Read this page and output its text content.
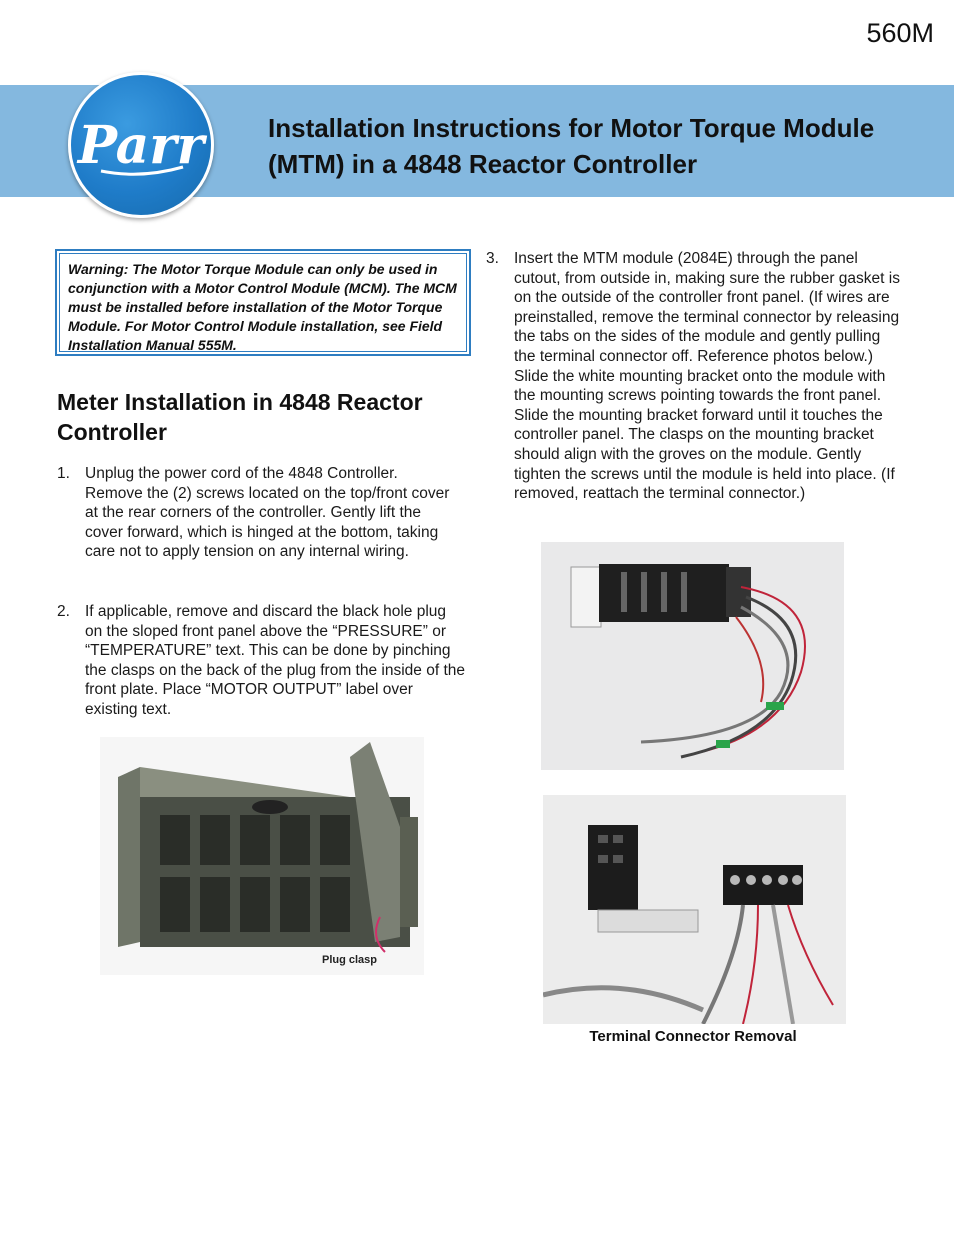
560M
Parr Installation Instructions for Motor Torque Module (MTM) in a 4848 Reactor Controller
Warning: The Motor Torque Module can only be used in conjunction with a Motor Control Module (MCM). The MCM must be installed before installation of the Motor Torque Module. For Motor Control Module installation, see Field Installation Manual 555M.
Meter Installation in 4848 Reactor Controller
1. Unplug the power cord of the 4848 Controller. Remove the (2) screws located on the top/front cover at the rear corners of the controller. Gently lift the cover forward, which is hinged at the bottom, taking care not to apply tension on any internal wiring.
2. If applicable, remove and discard the black hole plug on the sloped front panel above the “PRESSURE” or “TEMPERATURE” text. This can be done by pinching the clasps on the back of the plug from the inside of the front plate. Place “MOTOR OUTPUT” label over existing text.
3. Insert the MTM module (2084E) through the panel cutout, from outside in, making sure the rubber gasket is on the outside of the controller front panel. (If wires are preinstalled, remove the terminal connector by releasing the tabs on the sides of the module and gently pulling the terminal connector off. Reference photos below.) Slide the white mounting bracket onto the module with the mounting screws pointing towards the front panel. Slide the mounting bracket forward until it touches the controller panel. The clasps on the mounting bracket should align with the groves on the module. Gently tighten the screws until the module is held into place. (If removed, reattach the terminal connector.)
Plug clasp
Terminal Connector Removal
